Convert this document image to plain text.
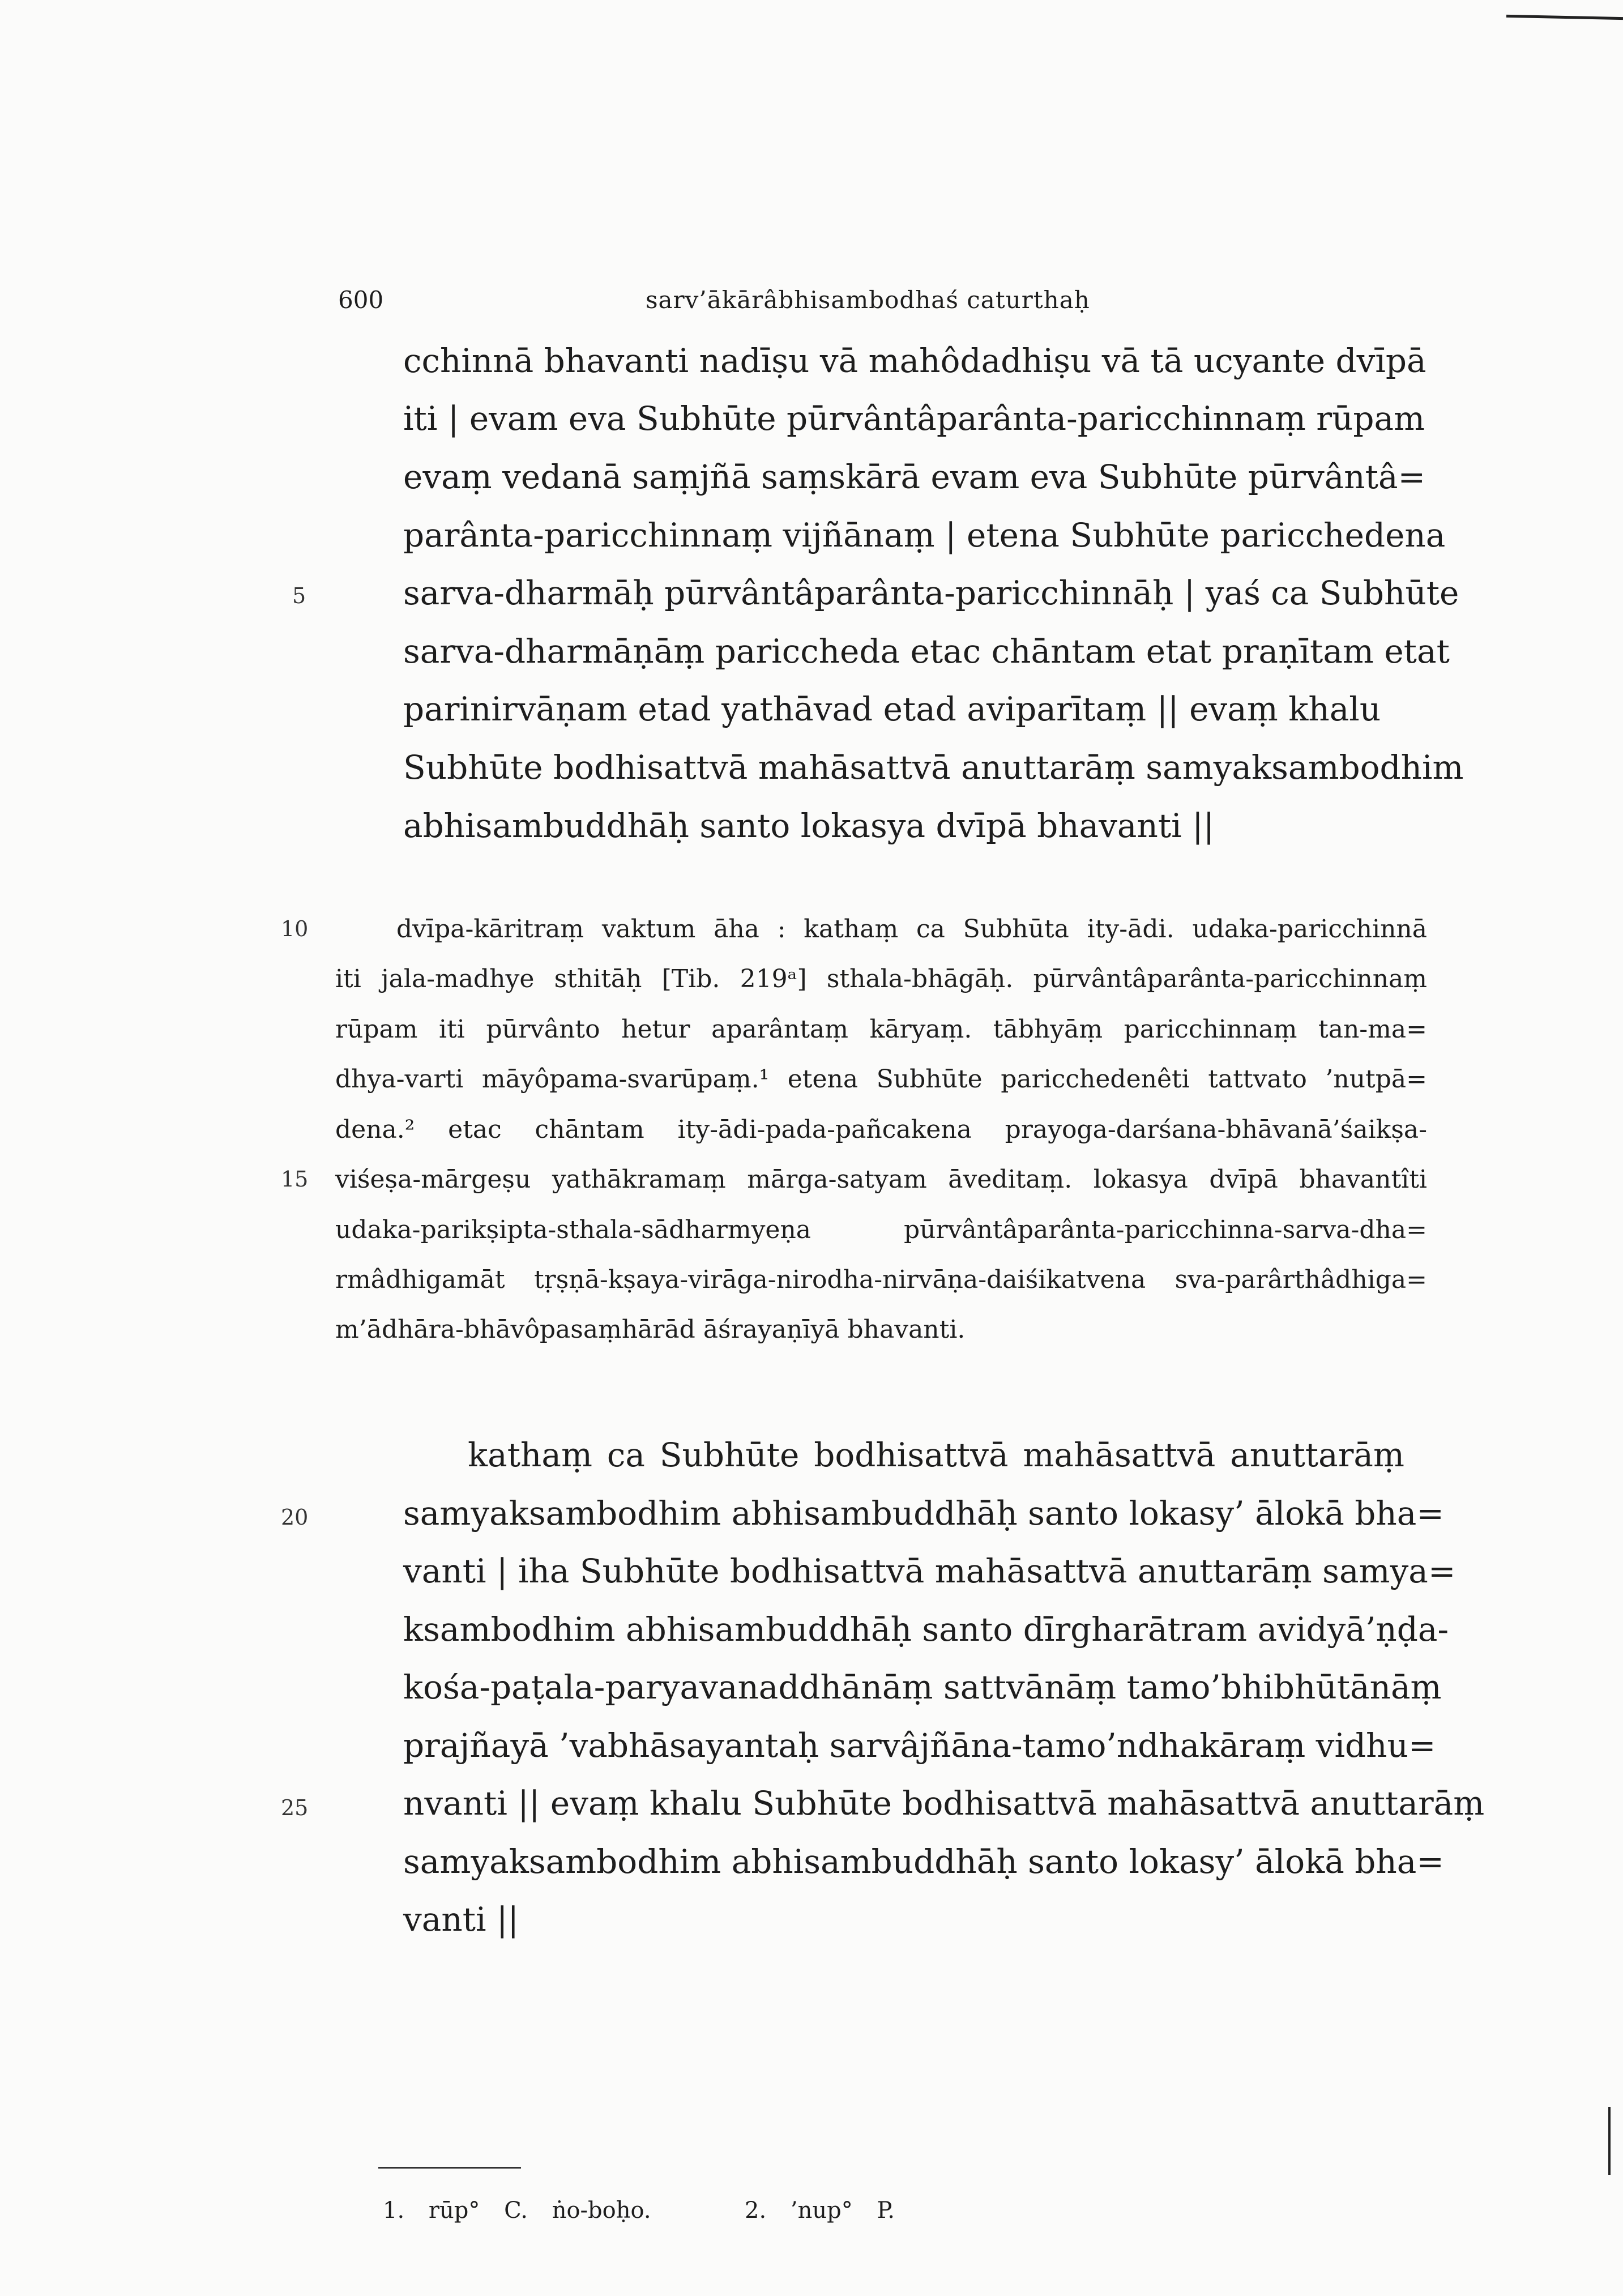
600	sarv’ākārâbhisambodhaś caturthaḥ
cchinnā bhavanti nadīṣu vā mahôdadhiṣu vā tā ucyante dvīpā
iti | evam eva Subhūte pūrvântâparânta-paricchinnaṃ rūpam
evaṃ vedanā saṃjñā saṃskārā evam eva Subhūte pūrvântâ=
parânta-paricchinnaṃ vijñānaṃ | etena Subhūte paricchedena
sarva-dharmāḥ pūrvântâparânta-paricchinnāḥ | yaś ca Subhūte
sarva-dharmāṇāṃ pariccheda etac chāntam etat praṇītam etat
parinirvāṇam etad yathāvad etad aviparītaṃ || evaṃ khalu
Subhūte bodhisattvā mahāsattvā anuttarāṃ samyaksambodhim
abhisambuddhāḥ santo lokasya dvīpā bhavanti ||
dvīpa-kāritraṃ vaktum āha : kathaṃ ca Subhūta ity-ādi. udaka-paricchinnā
iti jala-madhye sthitāḥ [Tib. 219ᵃ] sthala-bhāgāḥ. pūrvântâparânta-paricchinnaṃ
rūpam iti pūrvânto hetur aparântaṃ kāryaṃ. tābhyāṃ paricchinnaṃ tan-ma=
dhya-varti māyôpama-svarūpaṃ.¹ etena Subhūte paricchedenêti tattvato ’nutpā=
dena.² etac chāntam ity-ādi-pada-pañcakena prayoga-darśana-bhāvanā’śaikṣa-
viśeṣa-mārgeṣu yathākramaṃ mārga-satyam āveditaṃ. lokasya dvīpā bhavantîti
udaka-parikṣipta-sthala-sādharmyeṇa pūrvântâparânta-paricchinna-sarva-dha=
rmâdhigamāt tṛṣṇā-kṣaya-virāga-nirodha-nirvāṇa-daiśikatvena sva-parârthâdhiga=
m’ādhāra-bhāvôpasaṃhārād āśrayaṇīyā bhavanti.
kathaṃ ca Subhūte bodhisattvā mahāsattvā anuttarāṃ
samyaksambodhim abhisambuddhāḥ santo lokasy’ ālokā bha=
vanti | iha Subhūte bodhisattvā mahāsattvā anuttarāṃ samya=
ksambodhim abhisambuddhāḥ santo dīrgharātram avidyā’ṇḍa-
kośa-paṭala-paryavanaddhānāṃ sattvānāṃ tamo’bhibhūtānāṃ
prajñayā ’vabhāsayantaḥ sarvâjñāna-tamo’ndhakāraṃ vidhu=
nvanti || evaṃ khalu Subhūte bodhisattvā mahāsattvā anuttarāṃ
samyaksambodhim abhisambuddhāḥ santo lokasy’ ālokā bha=
vanti ||
5
10
15
20
25
1. rūp° C. ṅo-boḥo.	2. ’nup° P.
